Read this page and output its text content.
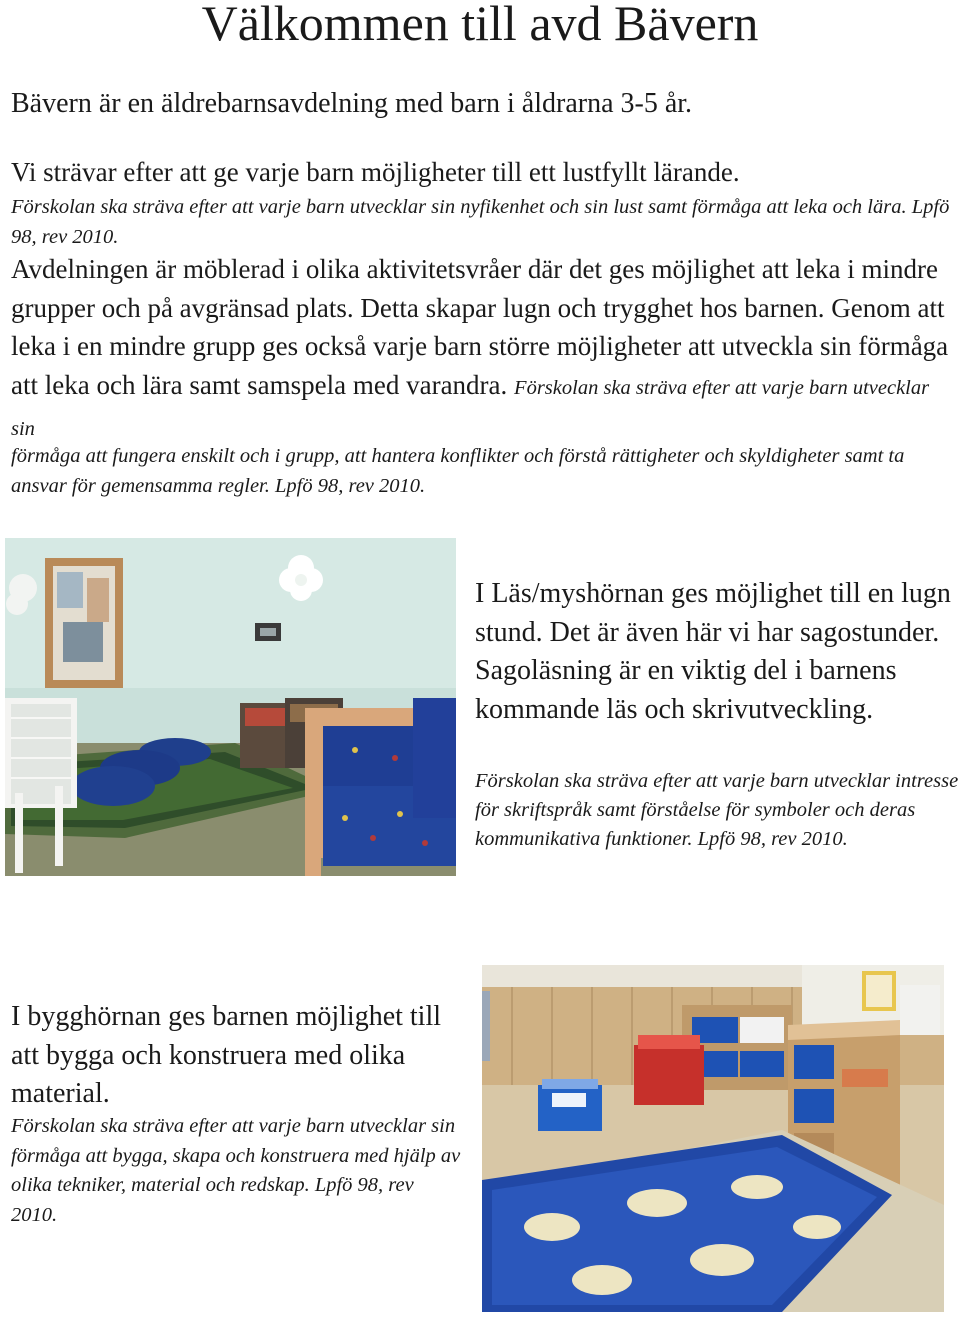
Välkommen till avd Bävern

Bävern är en äldrebarnsavdelning med barn i åldrarna 3-5 år.

Vi strävar efter att ge varje barn möjligheter till ett lustfyllt lärande.

Förskolan ska sträva efter att varje barn utvecklar sin nyfikenhet och sin lust samt förmåga att leka och lära. Lpfö 98, rev 2010.

Avdelningen är möblerad i olika aktivitetsvråer där det ges möjlighet att leka i mindre grupper och på avgränsad plats. Detta skapar lugn och trygghet hos barnen. Genom att leka i en mindre grupp ges också varje barn större möjligheter att utveckla sin förmåga att leka och lära samt samspela med varandra. Förskolan ska sträva efter att varje barn utvecklar sin

förmåga att fungera enskilt och i grupp, att hantera konflikter och förstå rättigheter och skyldigheter samt ta ansvar för gemensamma regler. Lpfö 98, rev 2010.

I Läs/myshörnan ges möjlighet till en lugn stund. Det är även här vi har sagostunder. Sagoläsning är en viktig del i barnens kommande läs och skrivutveckling.

Förskolan ska sträva efter att varje barn utvecklar intresse för skriftspråk samt förståelse för symboler och deras kommunikativa funktioner. Lpfö 98, rev 2010.

I bygghörnan ges barnen möjlighet till att bygga och konstruera med olika material.

Förskolan ska sträva efter att varje barn utvecklar sin förmåga att bygga, skapa och konstruera med hjälp av olika tekniker, material och redskap. Lpfö 98, rev 2010.
